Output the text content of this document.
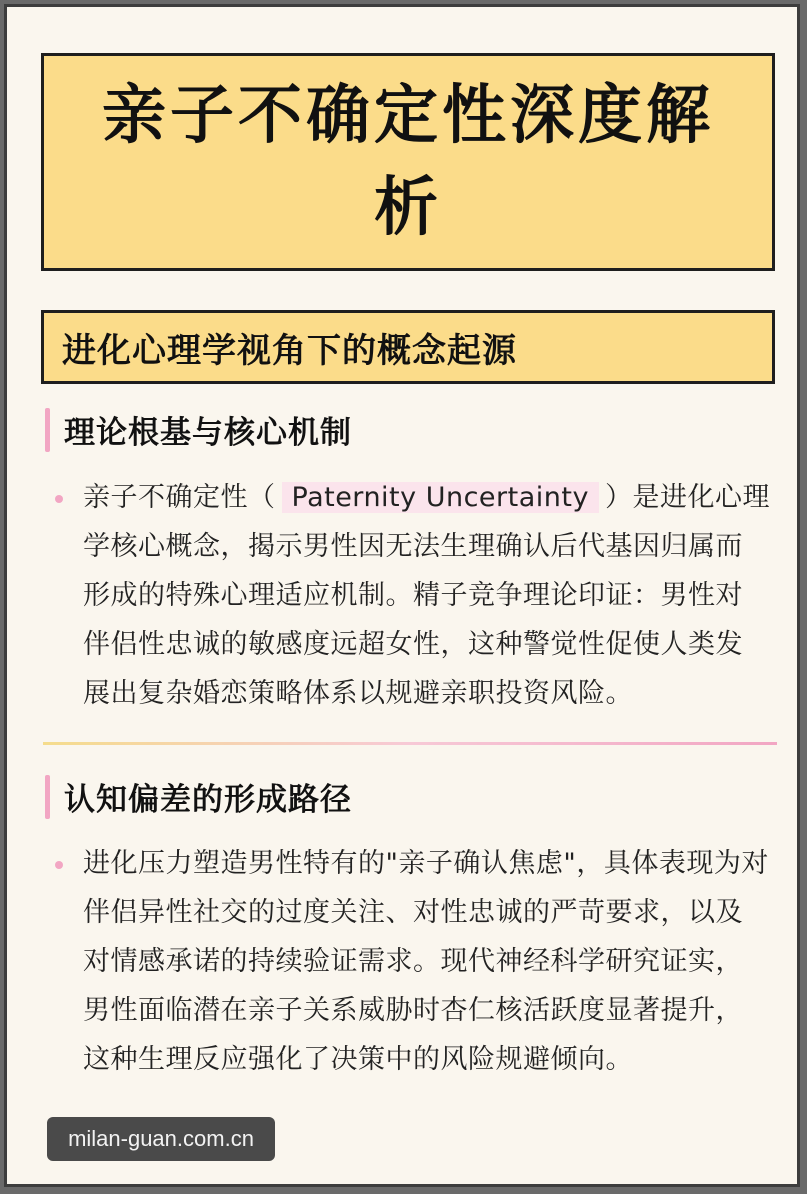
亲子不确定性深度解析
进化心理学视角下的概念起源
理论根基与核心机制

亲子不确定性（ Paternity Uncertainty ）是进化心理学核心概念，揭示男性因无法生理确认后代基因归属而形成的特殊心理适应机制。精子竞争理论印证：男性对伴侣性忠诚的敏感度远超女性，这种警觉性促使人类发展出复杂婚恋策略体系以规避亲职投资风险。

认知偏差的形成路径

进化压力塑造男性特有的"亲子确认焦虑"，具体表现为对伴侣异性社交的过度关注、对性忠诚的严苛要求，以及对情感承诺的持续验证需求。现代神经科学研究证实，男性面临潜在亲子关系威胁时杏仁核活跃度显著提升，这种生理反应强化了决策中的风险规避倾向。

milan-guan.com.cn
